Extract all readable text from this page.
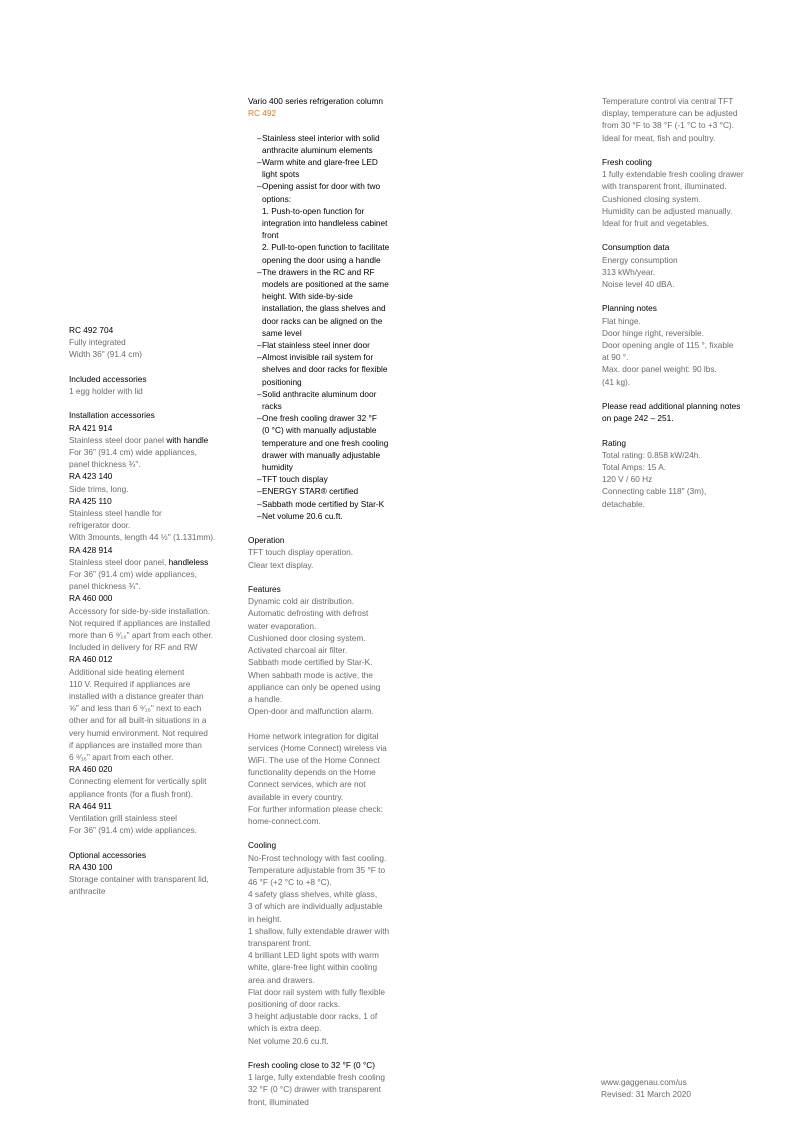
RC 492 704
Fully integrated
Width 36" (91.4 cm)
Included accessories
1 egg holder with lid
Installation accessories
RA 421 914
Stainless steel door panel with handle
For 36" (91.4 cm) wide appliances,
panel thickness ¾".
RA 423 140
Side trims, long.
RA 425 110
Stainless steel handle for
refrigerator door.
With 3mounts, length 44 ½" (1.131mm).
RA 428 914
Stainless steel door panel, handleless
For 36" (91.4 cm) wide appliances,
panel thickness ¾".
RA 460 000
Accessory for side-by-side installation.
Not required if appliances are installed
more than 6 ⁹⁄₁₆" apart from each other.
Included in delivery for RF and RW
RA 460 012
Additional side heating element
110 V. Required if appliances are
installed with a distance greater than
⅝" and less than 6 ⁹⁄₁₆" next to each
other and for all built-in situations in a
very humid environment. Not required
if appliances are installed more than
6 ⁹⁄₁₆" apart from each other.
RA 460 020
Connecting element for vertically split
appliance fronts (for a flush front).
RA 464 911
Ventilation grill stainless steel
For 36" (91.4 cm) wide appliances.
Optional accessories
RA 430 100
Storage container with transparent lid,
anthracite
Vario 400 series refrigeration column
RC 492
– Stainless steel interior with solid
anthracite aluminum elements
– Warm white and glare-free LED
light spots
– Opening assist for door with two
options:
1. Push-to-open function for
integration into handleless cabinet
front
2. Pull-to-open function to facilitate
opening the door using a handle
– The drawers in the RC and RF
models are positioned at the same
height. With side-by-side
installation, the glass shelves and
door racks can be aligned on the
same level
– Flat stainless steel inner door
– Almost invisible rail system for
shelves and door racks for flexible
positioning
– Solid anthracite aluminum door
racks
– One fresh cooling drawer 32 °F
(0 °C) with manually adjustable
temperature and one fresh cooling
drawer with manually adjustable
humidity
– TFT touch display
– ENERGY STAR® certified
– Sabbath mode certified by Star-K
– Net volume 20.6 cu.ft.
Operation
TFT touch display operation.
Clear text display.
Features
Dynamic cold air distribution.
Automatic defrosting with defrost
water evaporation.
Cushioned door closing system.
Activated charcoal air filter.
Sabbath mode certified by Star-K.
When sabbath mode is active, the
appliance can only be opened using
a handle.
Open-door and malfunction alarm.
Home network integration for digital
services (Home Connect) wireless via
WiFi. The use of the Home Connect
functionality depends on the Home
Connect services, which are not
available in every country.
For further information please check:
home-connect.com.
Cooling
No-Frost technology with fast cooling.
Temperature adjustable from 35 °F to
46 °F (+2 °C to +8 °C).
4 safety glass shelves, white glass,
3 of which are individually adjustable
in height.
1 shallow, fully extendable drawer with
transparent front.
4 brilliant LED light spots with warm
white, glare-free light within cooling
area and drawers.
Flat door rail system with fully flexible
positioning of door racks.
3 height adjustable door racks, 1 of
which is extra deep.
Net volume 20.6 cu.ft.
Fresh cooling close to 32 °F (0 °C)
1 large, fully extendable fresh cooling
32 °F (0 °C) drawer with transparent
front, illuminated
Temperature control via central TFT
display, temperature can be adjusted
from 30 °F to 38 °F (-1 °C to +3 °C).
Ideal for meat, fish and poultry.
Fresh cooling
1 fully extendable fresh cooling drawer
with transparent front, illuminated.
Cushioned closing system.
Humidity can be adjusted manually.
Ideal for fruit and vegetables.
Consumption data
Energy consumption
313 kWh/year.
Noise level 40 dBA.
Planning notes
Flat hinge.
Door hinge right, reversible.
Door opening angle of 115 °, fixable
at 90 °.
Max. door panel weight: 90 lbs.
(41 kg).
Please read additional planning notes
on page 242 – 251.
Rating
Total rating: 0.858 kW/24h.
Total Amps: 15 A.
120 V / 60 Hz
Connecting cable 118" (3m),
detachable.
www.gaggenau.com/us
Revised: 31 March 2020
